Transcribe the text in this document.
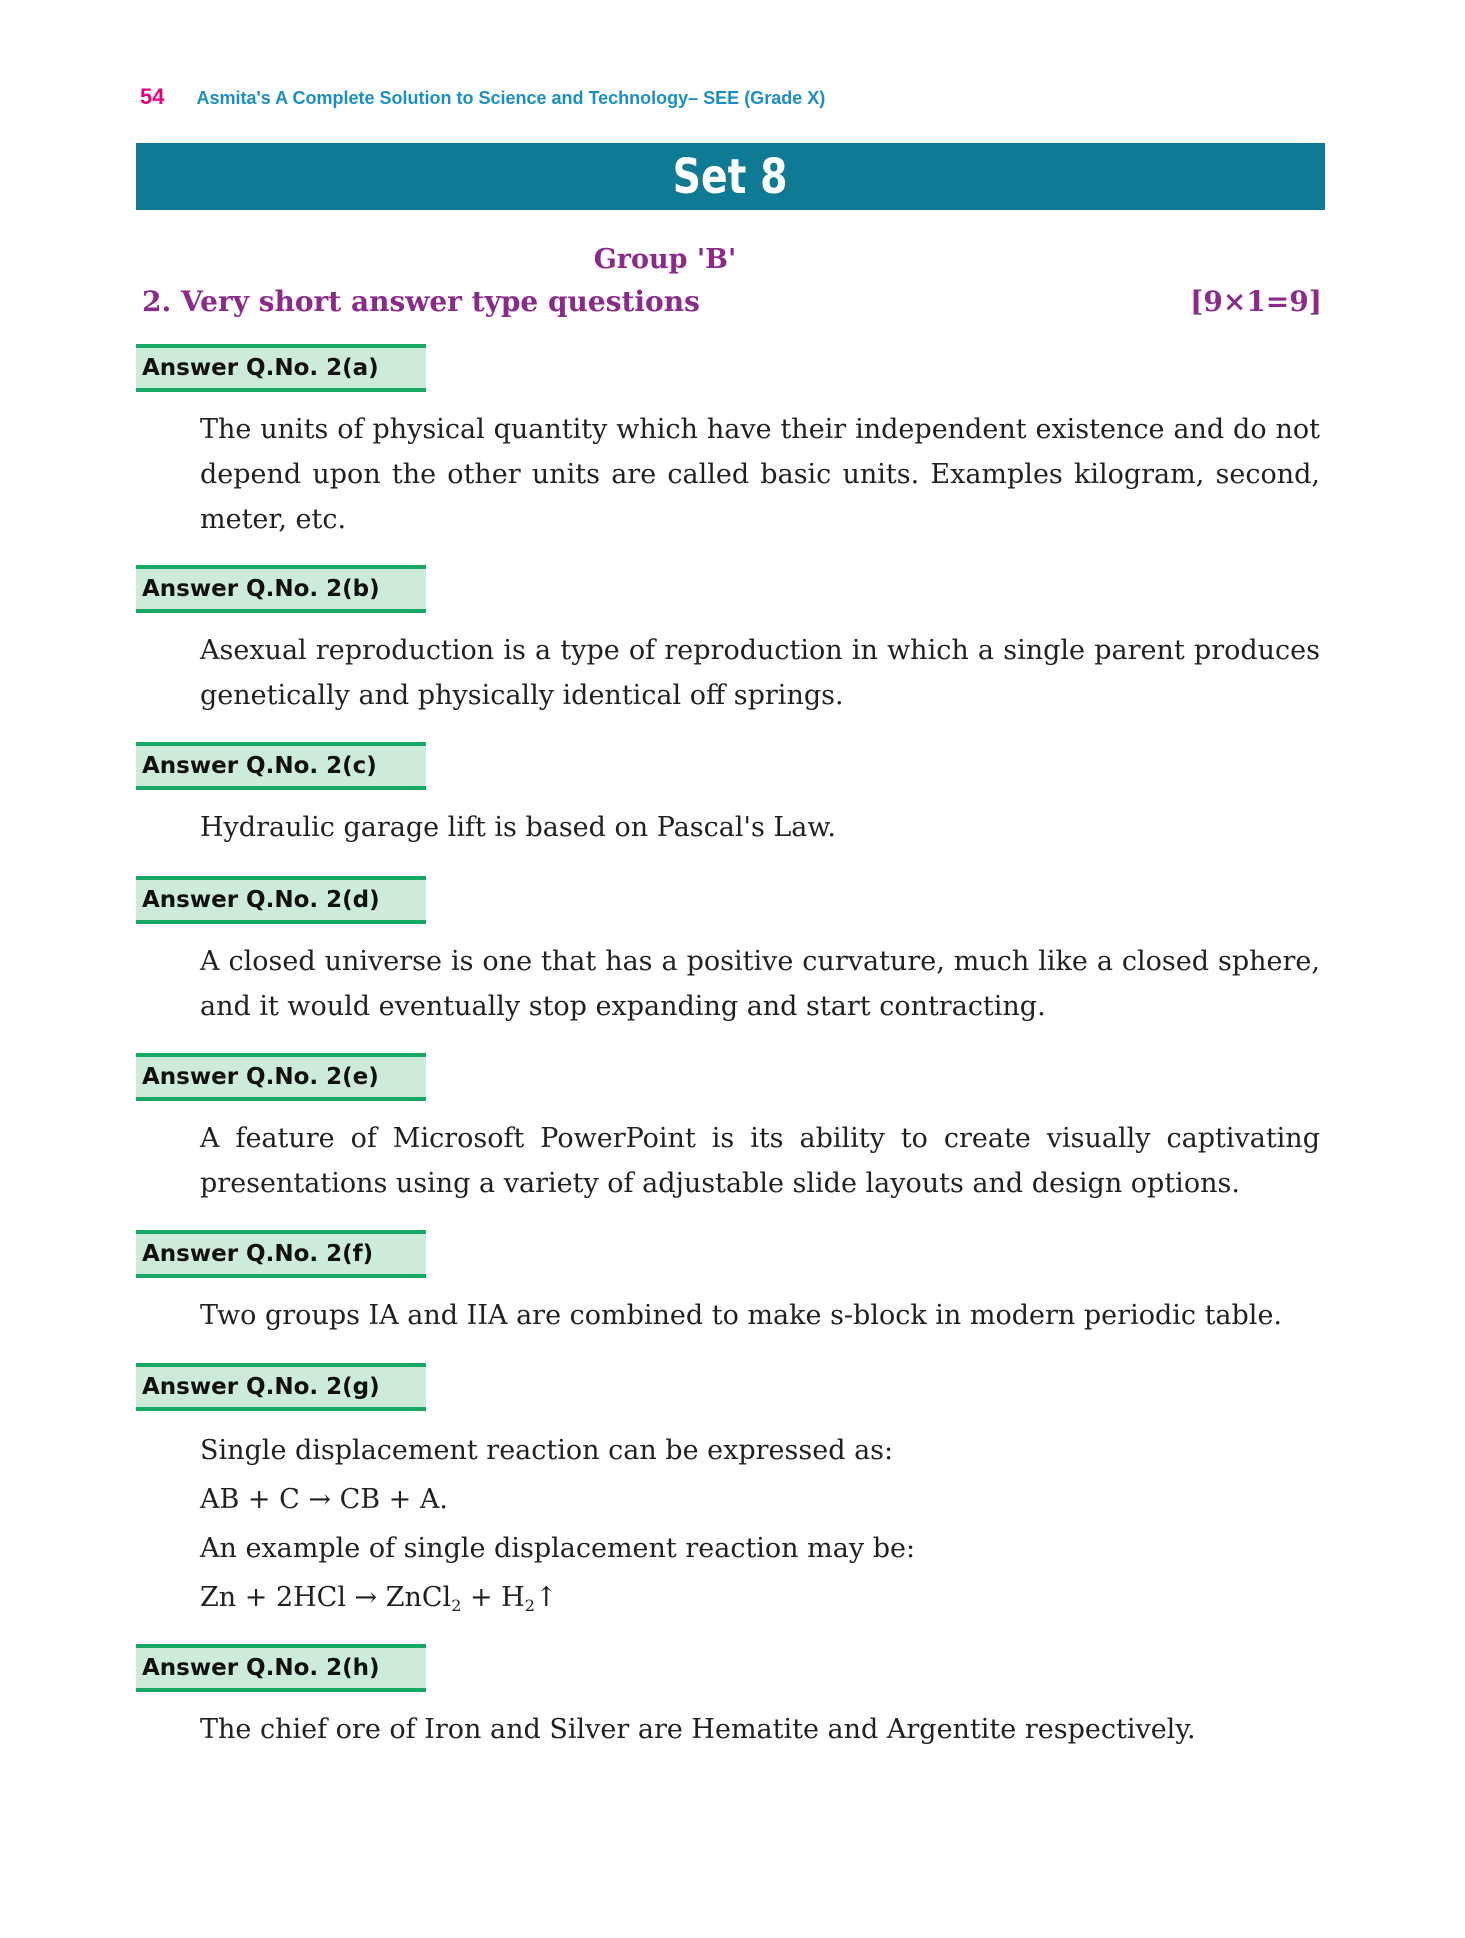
54 Asmita's A Complete Solution to Science and Technology– SEE (Grade X)
Set 8
Group 'B'
2. Very short answer type questions	[9×1=9]
Answer Q.No. 2(a)
The units of physical quantity which have their independent existence and do not depend upon the other units are called basic units. Examples kilogram, second, meter, etc.
Answer Q.No. 2(b)
Asexual reproduction is a type of reproduction in which a single parent produces genetically and physically identical off springs.
Answer Q.No. 2(c)
Hydraulic garage lift is based on Pascal's Law.
Answer Q.No. 2(d)
A closed universe is one that has a positive curvature, much like a closed sphere, and it would eventually stop expanding and start contracting.
Answer Q.No. 2(e)
A feature of Microsoft PowerPoint is its ability to create visually captivating presentations using a variety of adjustable slide layouts and design options.
Answer Q.No. 2(f)
Two groups IA and IIA are combined to make s-block in modern periodic table.
Answer Q.No. 2(g)

Single displacement reaction can be expressed as:

AB + C → CB + A.

An example of single displacement reaction may be:

Zn + 2HCl → ZnCl$_2$ + $H_2↑$

Answer Q.No. 2(h)
The chief ore of Iron and Silver are Hematite and Argentite respectively.
